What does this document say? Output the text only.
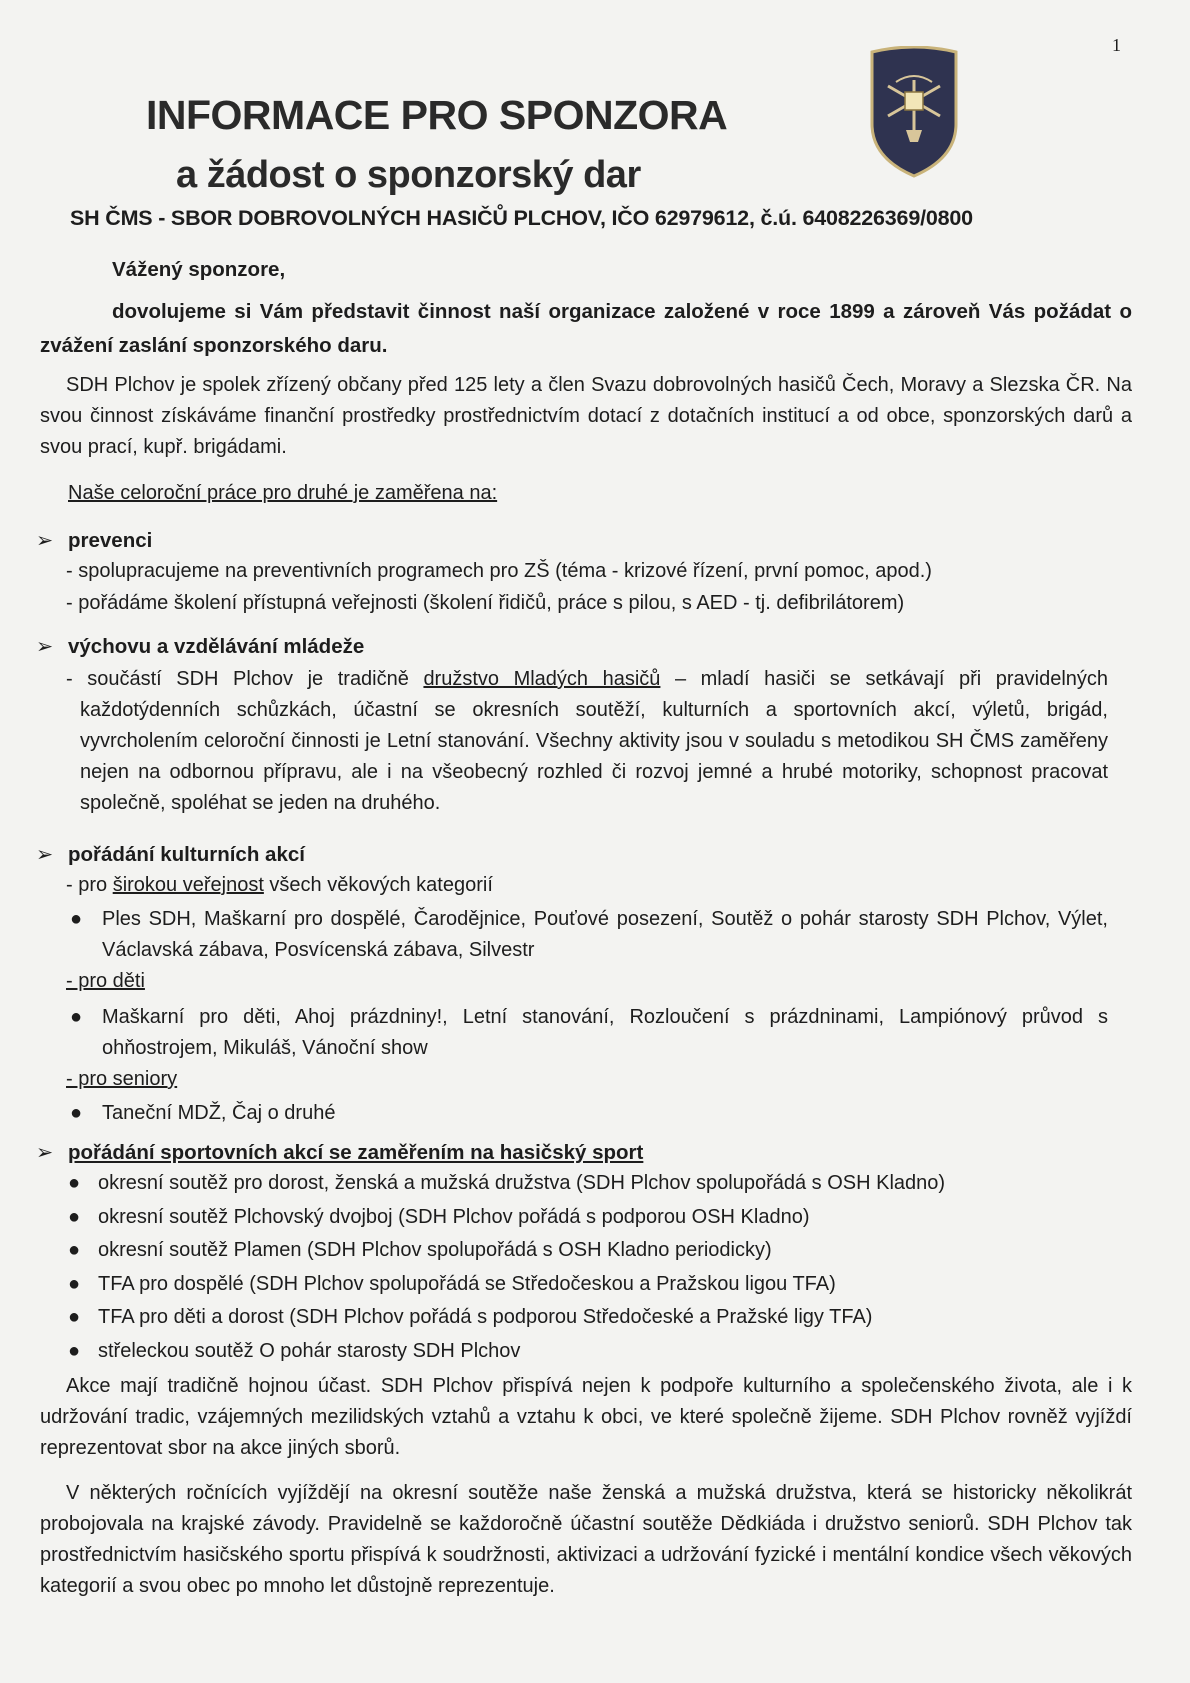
1
INFORMACE PRO SPONZORA
a žádost o sponzorský dar
SH ČMS - SBOR DOBROVOLNÝCH HASIČŮ PLCHOV, IČO 62979612, č.ú. 6408226369/0800
Vážený sponzore,
dovolujeme si Vám představit činnost naší organizace založené v roce 1899 a zároveň Vás požádat o zvážení zaslání sponzorského daru.
SDH Plchov je spolek zřízený občany před 125 lety a člen Svazu dobrovolných hasičů Čech, Moravy a Slezska ČR. Na svou činnost získáváme finanční prostředky prostřednictvím dotací z dotačních institucí a od obce, sponzorských darů a svou prací, kupř. brigádami.
Naše celoroční práce pro druhé je zaměřena na:
➢ prevenci
- spolupracujeme na preventivních programech pro ZŠ (téma - krizové řízení, první pomoc, apod.)
- pořádáme školení přístupná veřejnosti (školení řidičů, práce s pilou, s AED - tj. defibrilátorem)
➢ výchovu a vzdělávání mládeže
- součástí SDH Plchov je tradičně družstvo Mladých hasičů – mladí hasiči se setkávají při pravidelných každotýdenních schůzkách, účastní se okresních soutěží, kulturních a sportovních akcí, výletů, brigád, vyvrcholením celoroční činnosti je Letní stanování. Všechny aktivity jsou v souladu s metodikou SH ČMS zaměřeny nejen na odbornou přípravu, ale i na všeobecný rozhled či rozvoj jemné a hrubé motoriky, schopnost pracovat společně, spoléhat se jeden na druhého.
➢ pořádání kulturních akcí
- pro širokou veřejnost všech věkových kategorií
● Ples SDH, Maškarní pro dospělé, Čarodějnice, Pouťové posezení, Soutěž o pohár starosty SDH Plchov, Výlet, Václavská zábava, Posvícenská zábava, Silvestr
- pro děti
● Maškarní pro děti, Ahoj prázdniny!, Letní stanování, Rozloučení s prázdninami, Lampiónový průvod s ohňostrojem, Mikuláš, Vánoční show
- pro seniory
● Taneční MDŽ, Čaj o druhé
➢ pořádání sportovních akcí se zaměřením na hasičský sport
● okresní soutěž pro dorost, ženská a mužská družstva (SDH Plchov spolupořádá s OSH Kladno)
● okresní soutěž Plchovský dvojboj (SDH Plchov pořádá s podporou OSH Kladno)
● okresní soutěž Plamen (SDH Plchov spolupořádá s OSH Kladno periodicky)
● TFA pro dospělé (SDH Plchov spolupořádá se Středočeskou a Pražskou ligou TFA)
● TFA pro děti a dorost (SDH Plchov pořádá s podporou Středočeské a Pražské ligy TFA)
● střeleckou soutěž O pohár starosty SDH Plchov
Akce mají tradičně hojnou účast. SDH Plchov přispívá nejen k podpoře kulturního a společenského života, ale i k udržování tradic, vzájemných mezilidských vztahů a vztahu k obci, ve které společně žijeme. SDH Plchov rovněž vyjíždí reprezentovat sbor na akce jiných sborů.
V některých ročnících vyjíždějí na okresní soutěže naše ženská a mužská družstva, která se historicky několikrát probojovala na krajské závody. Pravidelně se každoročně účastní soutěže Dědkiáda i družstvo seniorů. SDH Plchov tak prostřednictvím hasičského sportu přispívá k soudržnosti, aktivizaci a udržování fyzické i mentální kondice všech věkových kategorií a svou obec po mnoho let důstojně reprezentuje.
